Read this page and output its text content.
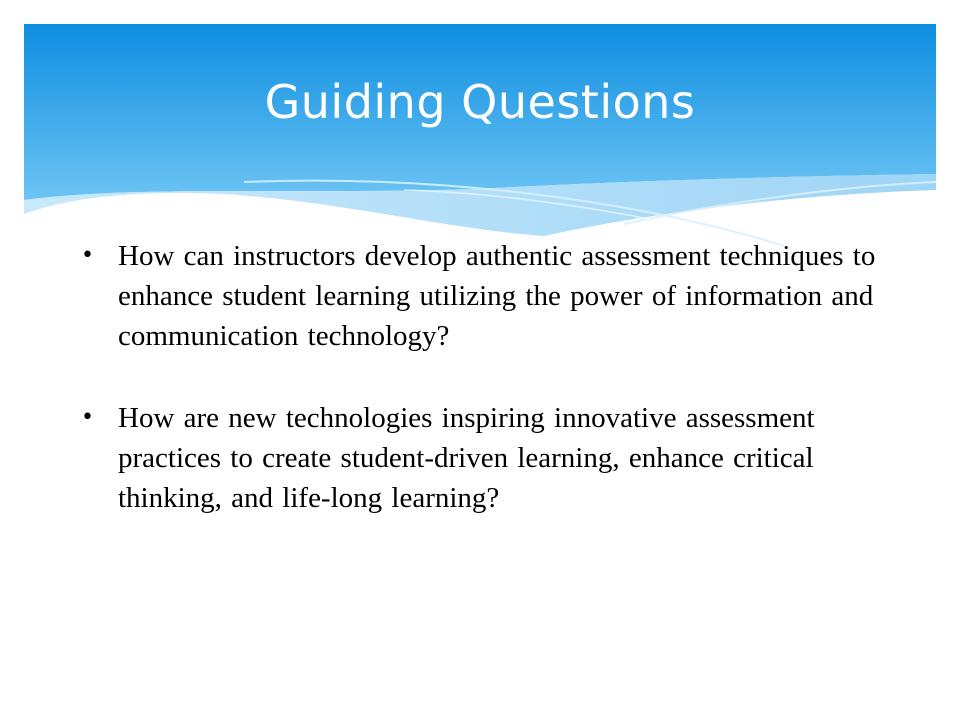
Guiding Questions
• How can instructors develop authentic assessment techniques to enhance student learning utilizing the power of information and communication technology?
• How are new technologies inspiring innovative assessment practices to create student-driven learning, enhance critical thinking, and life-long learning?
